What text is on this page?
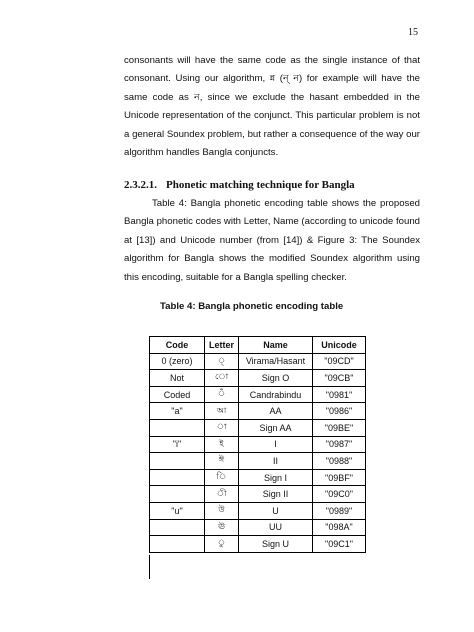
15

consonants will have the same code as the single instance of that consonant. Using our algorithm, ন্ন (ন্ ন) for example will have the same code as ন, since we exclude the hasant embedded in the Unicode representation of the conjunct. This particular problem is not a general Soundex problem, but rather a consequence of the way our algorithm handles Bangla conjuncts.

2.3.2.1. Phonetic matching technique for Bangla

Table 4: Bangla phonetic encoding table shows the proposed Bangla phonetic codes with Letter, Name (according to unicode found at [13]) and Unicode number (from [14]) & Figure 3: The Soundex algorithm for Bangla shows the modified Soundex algorithm using this encoding, suitable for a Bangla spelling checker.

Table 4: Bangla phonetic encoding table
Code	Letter	Name	Unicode
0 (zero)	্	Virama/Hasant	"09CD"
Not	ো	Sign O	"09CB"
Coded	ঁ	Candrabindu	"0981"
"a"	আ	AA	"0986"
	া	Sign AA	"09BE"
"i"	ই	I	"0987"
	ঈ	II	"0988"
	ি	Sign I	"09BF"
	ী	Sign II	"09C0"
"u"	উ	U	"0989"
	ঊ	UU	"098A"
	ু	Sign U	"09C1"
